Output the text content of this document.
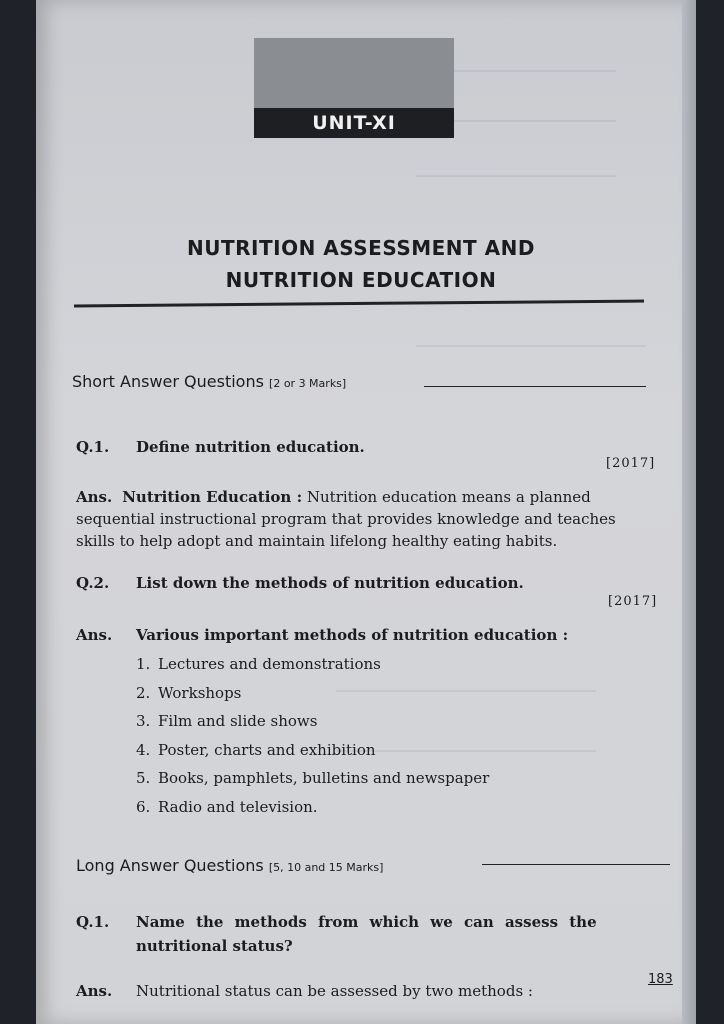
UNIT-XI
NUTRITION ASSESSMENT AND
NUTRITION EDUCATION
Short Answer Questions [2 or 3 Marks]
Q.1. Define nutrition education.
[2017]
Ans. Nutrition Education : Nutrition education means a planned
sequential instructional program that provides knowledge and teaches
skills to help adopt and maintain lifelong healthy eating habits.
Q.2. List down the methods of nutrition education.
[2017]
Ans. Various important methods of nutrition education :
1. Lectures and demonstrations
2. Workshops
3. Film and slide shows
4. Poster, charts and exhibition
5. Books, pamphlets, bulletins and newspaper
6. Radio and television.
Long Answer Questions [5, 10 and 15 Marks]
Q.1. Name the methods from which we can assess the
nutritional status?
Ans. Nutritional status can be assessed by two methods :
183
